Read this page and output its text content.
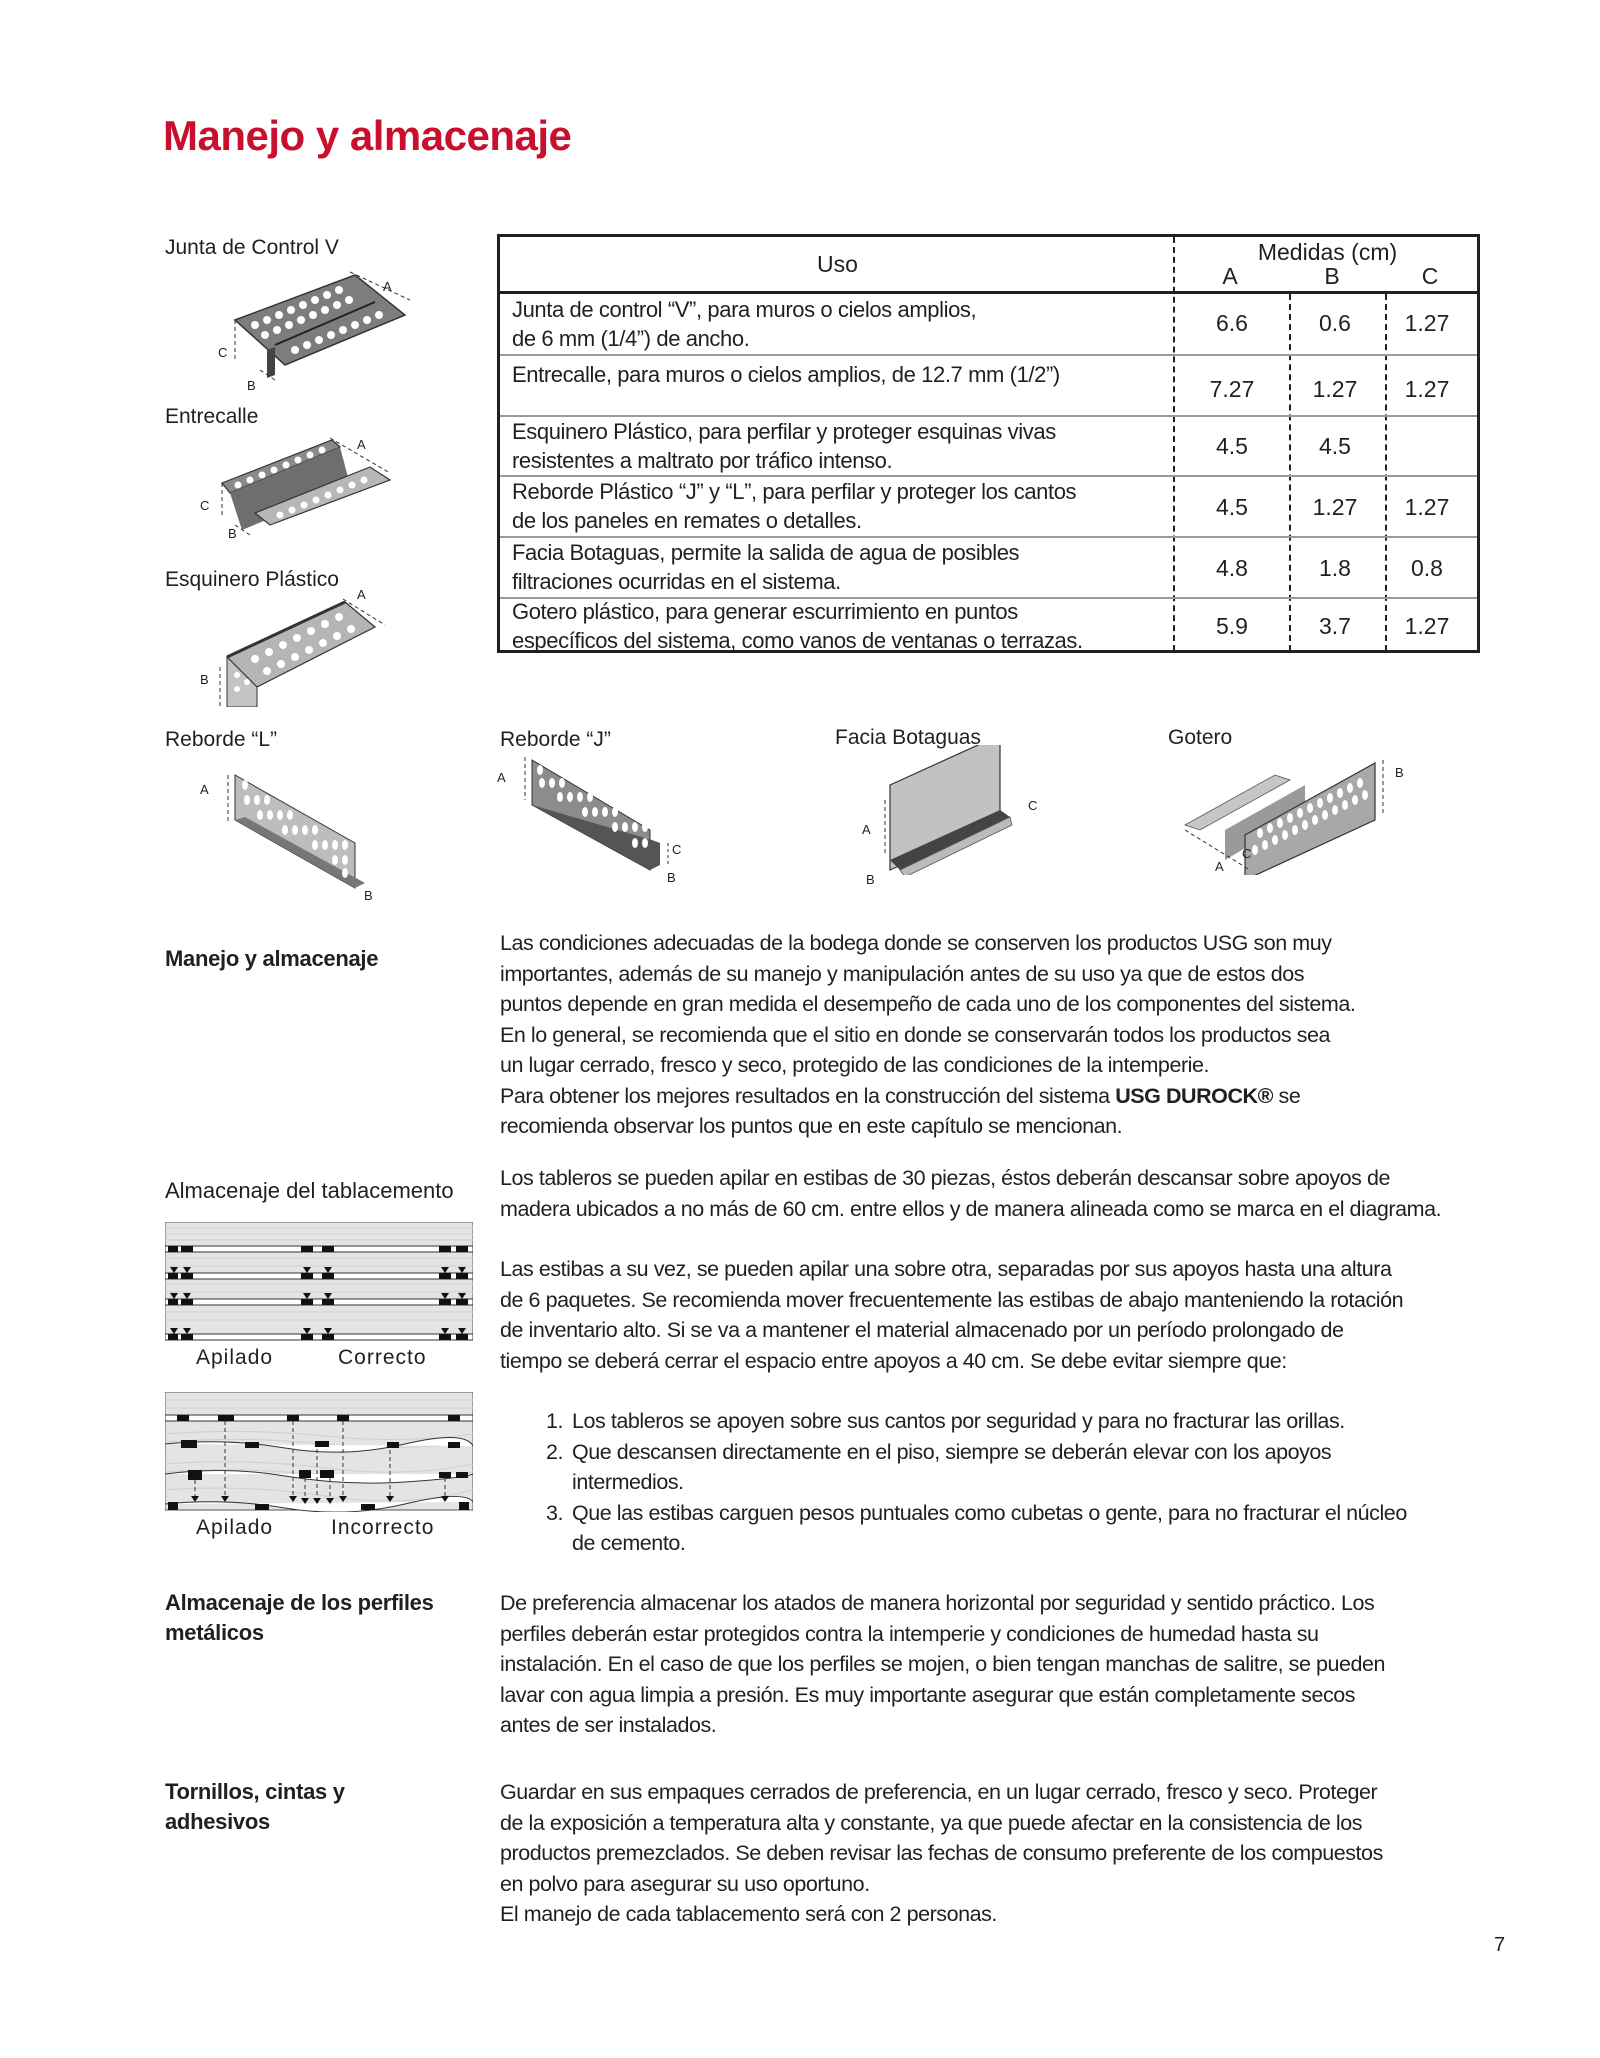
Manejo y almacenaje
Junta de Control V
A
C
B
Entrecalle
A
C
B
Esquinero Plástico
A
B
Uso	Medidas (cm)
A	B	C
Junta de control “V”, para muros o cielos amplios,
de 6 mm (1/4”) de ancho.
6.6	0.6	1.27
Entrecalle, para muros o cielos amplios, de 12.7 mm (1/2”)
7.27	1.27	1.27
Esquinero Plástico, para perfilar y proteger esquinas vivas
resistentes a maltrato por tráfico intenso.
4.5	4.5
Reborde Plástico “J” y “L”, para perfilar y proteger los cantos
de los paneles en remates o detalles.
4.5	1.27	1.27
Facia Botaguas, permite la salida de agua de posibles
filtraciones ocurridas en el sistema.
4.8	1.8	0.8
Gotero plástico, para generar escurrimiento en puntos
específicos del sistema, como vanos de ventanas o terrazas.
5.9	3.7	1.27
Reborde “L”
A
B
Reborde “J”
A
C
B
Facia Botaguas
A
C
B
Gotero
B
A
C
Manejo y almacenaje
Las condiciones adecuadas de la bodega donde se conserven los productos USG son muy
importantes, además de su manejo y manipulación antes de su uso ya que de estos dos
puntos depende en gran medida el desempeño de cada uno de los componentes del sistema.
En lo general, se recomienda que el sitio en donde se conservarán todos los productos sea
un lugar cerrado, fresco y seco, protegido de las condiciones de la intemperie.
Para obtener los mejores resultados en la construcción del sistema USG DUROCK® se
recomienda observar los puntos que en este capítulo se mencionan.
Almacenaje del tablacemento
Apilado	Correcto
Apilado	Incorrecto
Los tableros se pueden apilar en estibas de 30 piezas, éstos deberán descansar sobre apoyos de
madera ubicados a no más de 60 cm. entre ellos y de manera alineada como se marca en el diagrama.
Las estibas a su vez, se pueden apilar una sobre otra, separadas por sus apoyos hasta una altura
de 6 paquetes. Se recomienda mover frecuentemente las estibas de abajo manteniendo la rotación
de inventario alto. Si se va a mantener el material almacenado por un período prolongado de
tiempo se deberá cerrar el espacio entre apoyos a 40 cm. Se debe evitar siempre que:
1. Los tableros se apoyen sobre sus cantos por seguridad y para no fracturar las orillas.
2. Que descansen directamente en el piso, siempre se deberán elevar con los apoyos
intermedios.
3. Que las estibas carguen pesos puntuales como cubetas o gente, para no fracturar el núcleo
de cemento.
Almacenaje de los perfiles
metálicos
De preferencia almacenar los atados de manera horizontal por seguridad y sentido práctico. Los
perfiles deberán estar protegidos contra la intemperie y condiciones de humedad hasta su
instalación. En el caso de que los perfiles se mojen, o bien tengan manchas de salitre, se pueden
lavar con agua limpia a presión. Es muy importante asegurar que están completamente secos
antes de ser instalados.
Tornillos, cintas y
adhesivos
Guardar en sus empaques cerrados de preferencia, en un lugar cerrado, fresco y seco. Proteger
de la exposición a temperatura alta y constante, ya que puede afectar en la consistencia de los
productos premezclados. Se deben revisar las fechas de consumo preferente de los compuestos
en polvo para asegurar su uso oportuno.
El manejo de cada tablacemento será con 2 personas.
7
